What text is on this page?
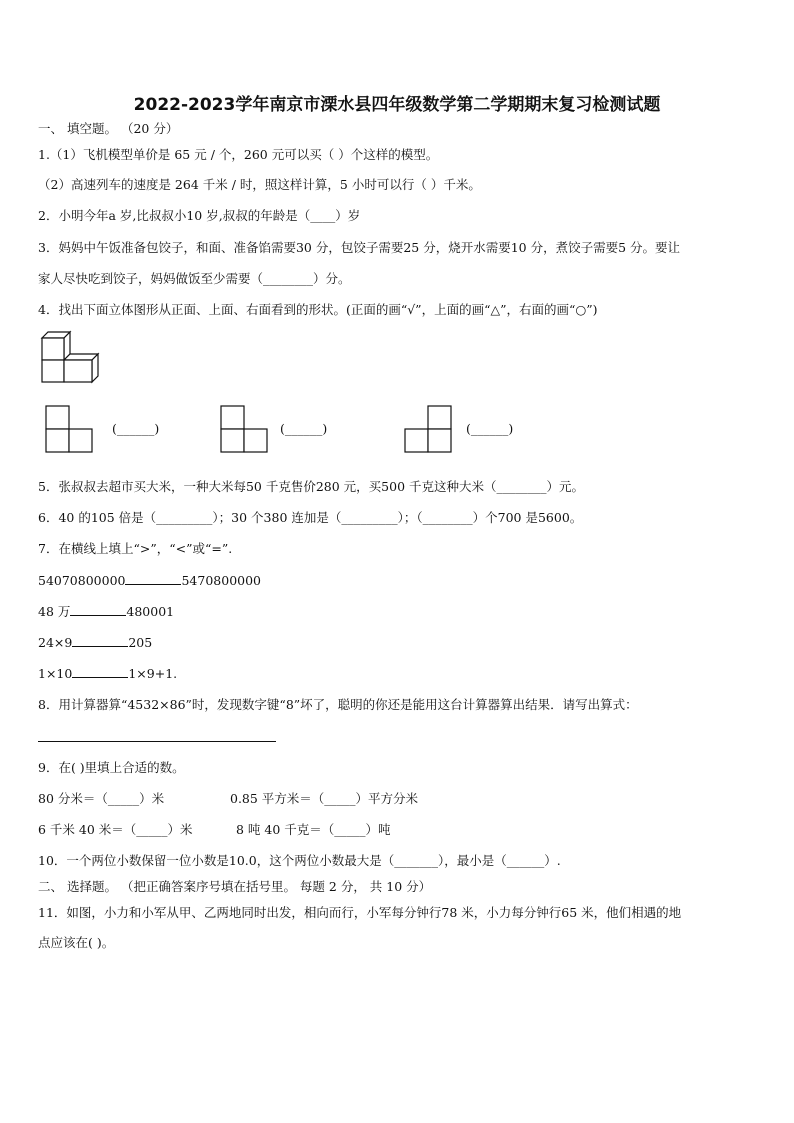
2022-2023学年南京市溧水县四年级数学第二学期期末复习检测试题
一、 填空题。 （20 分）
1.（1）飞机模型单价是 65 元 / 个，260 元可以买（ ）个这样的模型。
（2）高速列车的速度是 264 千米 / 时，照这样计算，5 小时可以行（ ）千米。
2．小明今年a 岁,比叔叔小10 岁,叔叔的年龄是（____）岁
3．妈妈中午饭准备包饺子，和面、准备馅需要30 分，包饺子需要25 分，烧开水需要10 分，煮饺子需要5 分。要让
家人尽快吃到饺子，妈妈做饭至少需要（________）分。
4．找出下面立体图形从正面、上面、右面看到的形状。(正面的画“√”，上面的画“△”，右面的画“○”)
(______)	(______)	(______)
5．张叔叔去超市买大米，一种大米每50 千克售价280 元，买500 千克这种大米（________）元。
6．40 的105 倍是（_________）；30 个380 连加是（_________）；（________）个700 是5600。
7．在横线上填上“>”，“<”或“=”.
54070800000	5470800000
48 万	480001
24×9	205
1×10	1×9+1.
8．用计算器算“4532×86”时，发现数字键“8”坏了，聪明的你还是能用这台计算器算出结果．请写出算式：
9．在( )里填上合适的数。
80 分米＝（_____）米	0.85 平方米＝（_____）平方分米
6 千米 40 米＝（_____）米	8 吨 40 千克＝（_____）吨
10．一个两位小数保留一位小数是10.0，这个两位小数最大是（_______），最小是（______）.
二、 选择题。 （把正确答案序号填在括号里。 每题 2 分， 共 10 分）
11．如图，小力和小军从甲、乙两地同时出发，相向而行，小军每分钟行78 米，小力每分钟行65 米，他们相遇的地
点应该在( )。
